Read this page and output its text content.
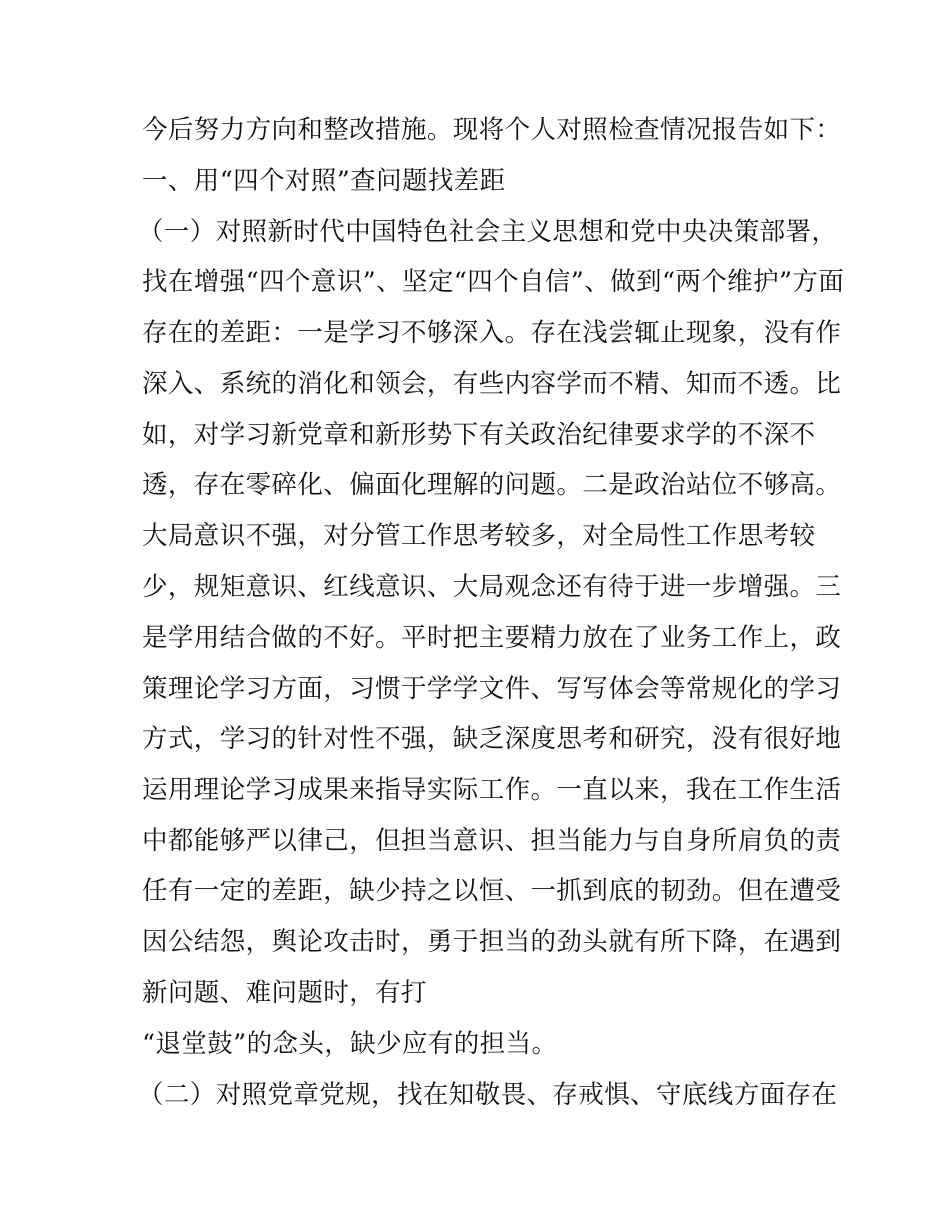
今后努力方向和整改措施。现将个人对照检查情况报告如下：
一、用“四个对照”查问题找差距
（一）对照新时代中国特色社会主义思想和党中央决策部署，
找在增强“四个意识”、坚定“四个自信”、做到“两个维护”方面
存在的差距：一是学习不够深入。存在浅尝辄止现象，没有作
深入、系统的消化和领会，有些内容学而不精、知而不透。比
如，对学习新党章和新形势下有关政治纪律要求学的不深不
透，存在零碎化、偏面化理解的问题。二是政治站位不够高。
大局意识不强，对分管工作思考较多，对全局性工作思考较
少，规矩意识、红线意识、大局观念还有待于进一步增强。三
是学用结合做的不好。平时把主要精力放在了业务工作上，政
策理论学习方面，习惯于学学文件、写写体会等常规化的学习
方式，学习的针对性不强，缺乏深度思考和研究，没有很好地
运用理论学习成果来指导实际工作。一直以来，我在工作生活
中都能够严以律己，但担当意识、担当能力与自身所肩负的责
任有一定的差距，缺少持之以恒、一抓到底的韧劲。但在遭受
因公结怨，舆论攻击时，勇于担当的劲头就有所下降，在遇到
新问题、难问题时，有打
“退堂鼓”的念头，缺少应有的担当。
（二）对照党章党规，找在知敬畏、存戒惧、守底线方面存在
